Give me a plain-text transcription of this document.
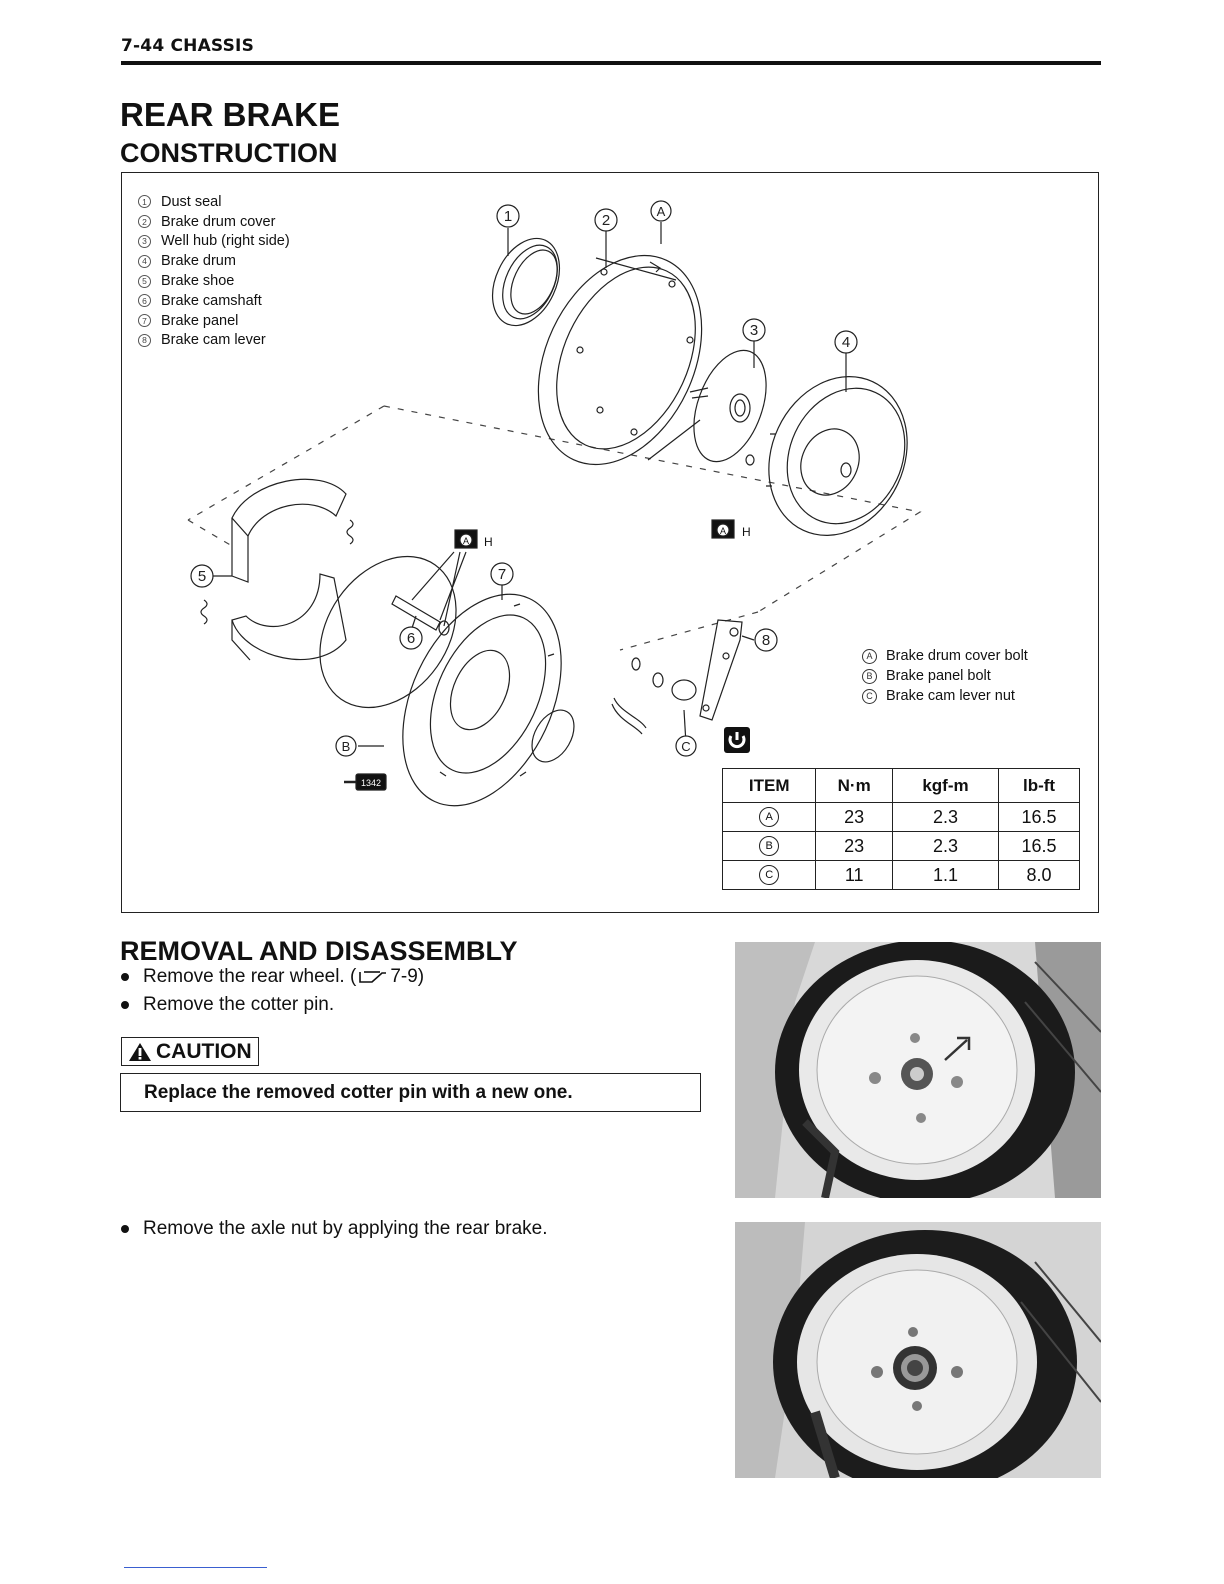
7-44 CHASSIS
REAR BRAKE
CONSTRUCTION
1 Dust seal
2 Brake drum cover
3 Well hub (right side)
4 Brake drum
5 Brake shoe
6 Brake camshaft
7 Brake panel
8 Brake cam lever
1	2
A
3
4
5
6
7
8
B	C
A H
A H
1342
A Brake drum cover bolt
B Brake panel bolt
C Brake cam lever nut
ITEM	N·m	kgf-m	lb-ft
A	23	2.3	16.5
B	23	2.3	16.5
C	11	1.1	8.0
REMOVAL AND DISASSEMBLY
Remove the rear wheel. ( 7-9)
Remove the cotter pin.
CAUTION
Replace the removed cotter pin with a new one.
Remove the axle nut by applying the rear brake.
